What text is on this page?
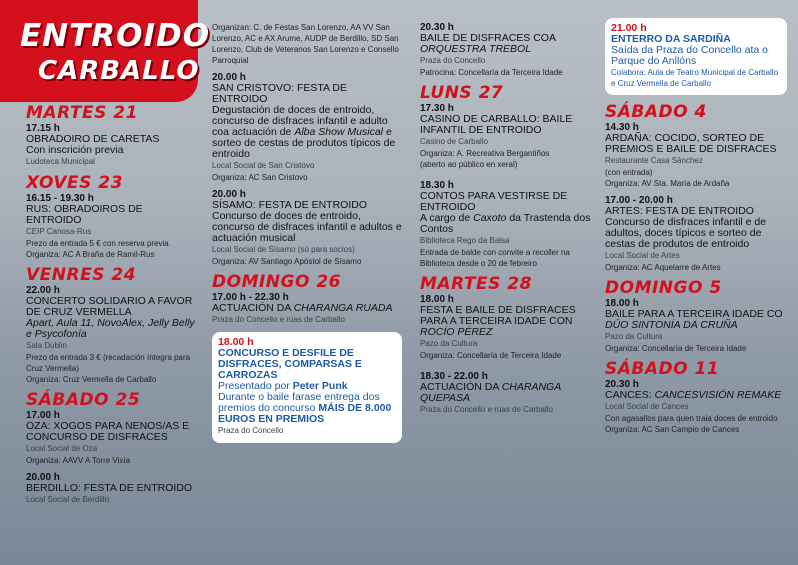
ENTROIDO
CARBALLO
MARTES 21
17.15 h
OBRADOIRO DE CARETAS
Con inscrición previa
Ludoteca Municipal
XOVES 23
16.15 - 19.30 h
RUS: OBRADOIROS DE ENTROIDO
CEIP Canosa-Rus
Prezo da entrada 5 € con reserva previa
Organiza: AC A Braña de Ramil-Rus
VENRES 24
22.00 h
CONCERTO SOLIDARIO A FAVOR DE CRUZ VERMELLA
Apart, Aula 11, NovoAlex, Jelly Belly e Psycofonía
Sala Dublin
Prezo da entrada 3 € (recadación íntegra para Cruz Vermella)
Organiza: Cruz Vermella de Carballo
SÁBADO 25
17.00 h
OZA: XOGOS PARA NENOS/AS E CONCURSO DE DISFRACES
Local Social de Oza
Organiza: AAVV A Torre Vixía
20.00 h
BERDILLO: FESTA DE ENTROIDO
Local Social de Berdillo
Organizan: C. de Festas San Lorenzo, AA VV San Lorenzo, AC e AX Arume, AUDP de Berdillo, SD San Lorenzo, Club de Veteranos San Lorenzo e Consello Parroquial
20.00 h
SAN CRISTOVO: FESTA DE ENTROIDO
Degustación de doces de entroido, concurso de disfraces infantil e adulto coa actuación de Alba Show Musical e sorteo de cestas de produtos típicos de entroido
Local Social de San Cristovo
Organiza: AC San Cristovo
20.00 h
SÍSAMO: FESTA DE ENTROIDO
Concurso de doces de entroido, concurso de disfraces infantil e adultos e actuación musical
Local Social de Sísamo (só para socios)
Organiza: AV Santiago Apóstol de Sísamo
DOMINGO 26
17.00 h - 22.30 h
ACTUACIÓN DA CHARANGA RUADA
Praza do Concello e rúas de Carballo
18.00 h
CONCURSO E DESFILE DE DISFRACES, COMPARSAS E CARROZAS
Presentado por Peter Punk
Durante o baile farase entrega dos premios do concurso MÁIS DE 8.000 EUROS EN PREMIOS
Praza do Concello
20.30 h
BAILE DE DISFRACES COA ORQUESTRA TREBOL
Praza do Concello
Patrocina: Concellaría da Terceira Idade
LUNS 27
17.30 h
CASINO DE CARBALLO: BAILE INFANTIL DE ENTROIDO
Casino de Carballo
Organiza: A. Recreativa Bergantiños
(aberto ao público en xeral)
18.30 h
CONTOS PARA VESTIRSE DE ENTROIDO
A cargo de Caxoto da Trastenda dos Contos
Biblioteca Rego da Balsa
Entrada de balde con convite a recoller na Biblioteca desde o 20 de febreiro
MARTES 28
18.00 h
FESTA E BAILE DE DISFRACES PARA A TERCEIRA IDADE CON ROCÍO PÉREZ
Pazo da Cultura
Organiza: Concellaría de Terceira Idade
18.30 - 22.00 h
ACTUACIÓN DA CHARANGA QUEPASA
Praza do Concello e rúas de Carballo
21.00 h
ENTERRO DA SARDIÑA
Saída da Praza do Concello ata o Parque do Anllóns
Colabora: Aula de Teatro Municipal de Carballo e Cruz Vermella de Carballo
SÁBADO 4
14.30 h
ARDAÑA: COCIDO, SORTEO DE PREMIOS E BAILE DE DISFRACES
Restaurante Casa Sánchez
(con entrada)
Organiza: AV Sta. María de Ardaña
17.00 - 20.00 h
ARTES: FESTA DE ENTROIDO
Concurso de disfraces infantil e de adultos, doces típicos e sorteo de cestas de produtos de entroido
Local Social de Artes
Organiza: AC Aquelarre de Artes
DOMINGO 5
18.00 h
BAILE PARA A TERCEIRA IDADE CO DÚO SINTONÍA DA CRUÑA
Pazo da Cultura
Organiza: Concellaría de Terceira Idade
SÁBADO 11
20.30 h
CANCES: CANCESVISIÓN REMAKE
Local Social de Cances
Con agasallos para quen traia doces de entroido
Organiza: AC San Campio de Cances
